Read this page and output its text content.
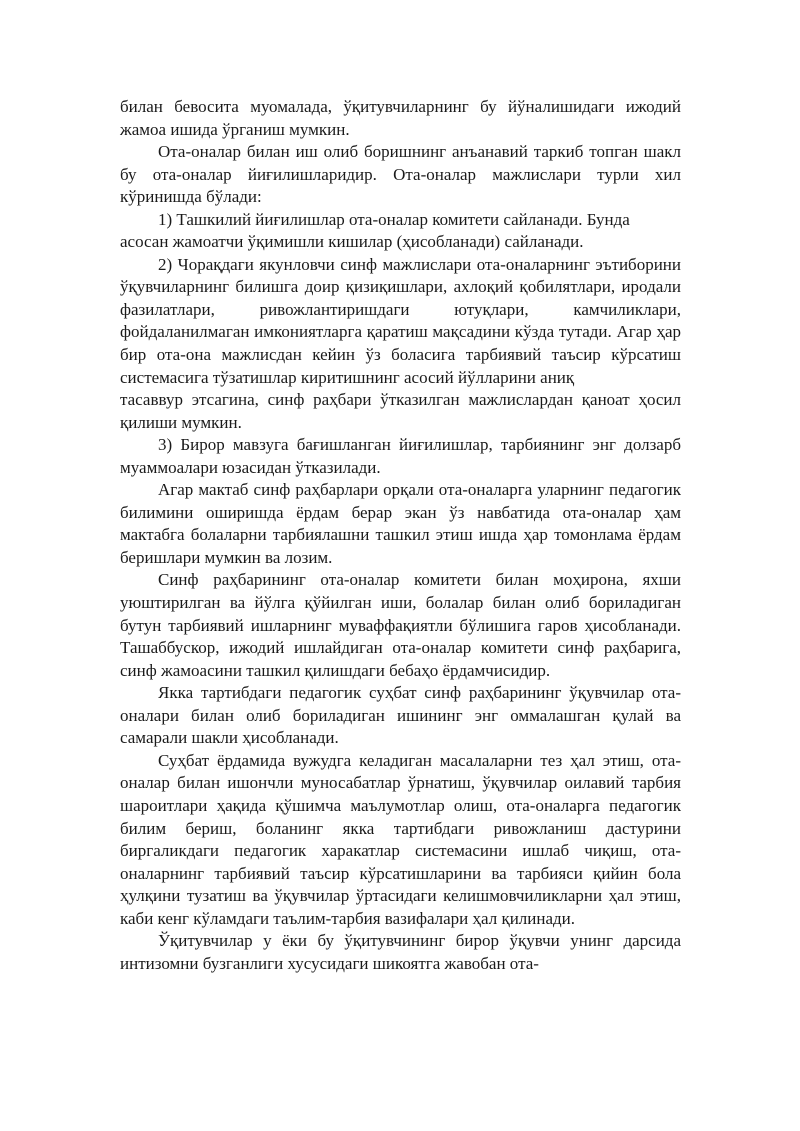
билан бевосита муомалада, ўқитувчиларнинг бу йўналишидаги ижодий жамоа ишида ўрганиш мумкин.

Ота-оналар билан иш олиб боришнинг анъанавий таркиб топган шакл бу ота-оналар йиғилишларидир. Ота-оналар мажлислари турли хил кўринишда бўлади:

1) Ташкилий йиғилишлар ота-оналар комитети сайланади. Бунда

асосан жамоатчи ўқимишли кишилар (ҳисобланади) сайланади.

2) Чорақдаги якунловчи синф мажлислари ота-оналарнинг эътиборини ўқувчиларнинг билишга доир қизиқишлари, ахлоқий қобилятлари, иродали фазилатлари, ривожлантиришдаги ютуқлари, камчиликлари, фойдаланилмаган имкониятларга қаратиш мақсадини кўзда тутади. Агар ҳар бир ота-она мажлисдан кейин ўз боласига тарбиявий таъсир кўрсатиш системасига тўзатишлар киритишнинг асосий йўлларини аниқ

тасаввур этсагина, синф раҳбари ўтказилган мажлислардан қаноат ҳосил қилиши мумкин.

3) Бирор мавзуга бағишланган йиғилишлар, тарбиянинг энг долзарб муаммоалари юзасидан ўтказилади.

Агар мактаб синф раҳбарлари орқали ота-оналарга уларнинг педагогик билимини оширишда ёрдам берар экан ўз навбатида ота-оналар ҳам мактабга болаларни тарбиялашни ташкил этиш ишда ҳар томонлама ёрдам беришлари мумкин ва лозим.

Синф раҳбарининг ота-оналар комитети билан моҳирона, яхши уюштирилган ва йўлга қўйилган иши, болалар билан олиб бориладиган бутун тарбиявий ишларнинг муваффақиятли бўлишига гаров ҳисобланади. Ташаббускор, ижодий ишлайдиган ота-оналар комитети синф раҳбарига, синф жамоасини ташкил қилишдаги бебаҳо ёрдамчисидир.

Якка тартибдаги педагогик суҳбат синф раҳбарининг ўқувчилар ота-оналари билан олиб бориладиган ишининг энг оммалашган қулай ва самарали шакли ҳисобланади.

Суҳбат ёрдамида вужудга келадиган масалаларни тез ҳал этиш, ота-оналар билан ишончли муносабатлар ўрнатиш, ўқувчилар оилавий тарбия шароитлари ҳақида қўшимча маълумотлар олиш, ота-оналарга педагогик билим бериш, боланинг якка тартибдаги ривожланиш дастурини биргаликдаги педагогик харакатлар системасини ишлаб чиқиш, ота-оналарнинг тарбиявий таъсир кўрсатишларини ва тарбияси қийин бола ҳулқини тузатиш ва ўқувчилар ўртасидаги келишмовчиликларни ҳал этиш, каби кенг кўламдаги таълим-тарбия вазифалари ҳал қилинади.

Ўқитувчилар у ёки бу ўқитувчининг бирор ўқувчи унинг дарсида интизомни бузганлиги хусусидаги шикоятга жавобан ота-
